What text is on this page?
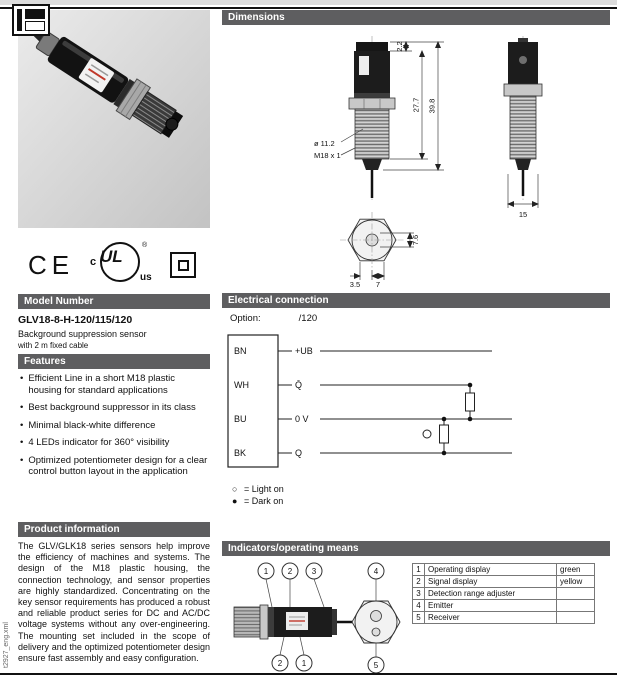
CE c UL
®
us
Model Number
GLV18-8-H-120/115/120
Background suppression sensor
with 2 m fixed cable
Features
• Efficient Line in a short M18 plastic housing for standard applications
• Best background suppressor in its class
• Minimal black-white difference
• 4 LEDs indicator for 360° visibility
• Optimized potentiometer design for a clear control button layout in the application
Product information

The GLV/GLK18 series sensors help improve the efficiency of machines and systems. The design of the M18 plastic housing, the connection technology, and sensor properties are highly standardized. Concentrating on the key sensor requirements has produced a robust and reliable product series for DC and AC/DC voltage systems without any over-engineering. The mounting set included in the scope of delivery and the optimized potentiometer design ensure fast assembly and easy configuration.

Dimensions
2.2
27.7 39.8
ø 11.2
M18 x 1
15
7.6
3.5 7
Electrical connection
Option:	/120
BN
WH
BU
BK
+UB
Q̄
0 V
Q
○ = Light on
● = Dark on
Indicators/operating means
1 2 3
2 1
4
5
1	Operating display	green
2	Signal display	yellow
3	Detection range adjuster	
4	Emitter	
5	Receiver	
t2927_eng.xml
